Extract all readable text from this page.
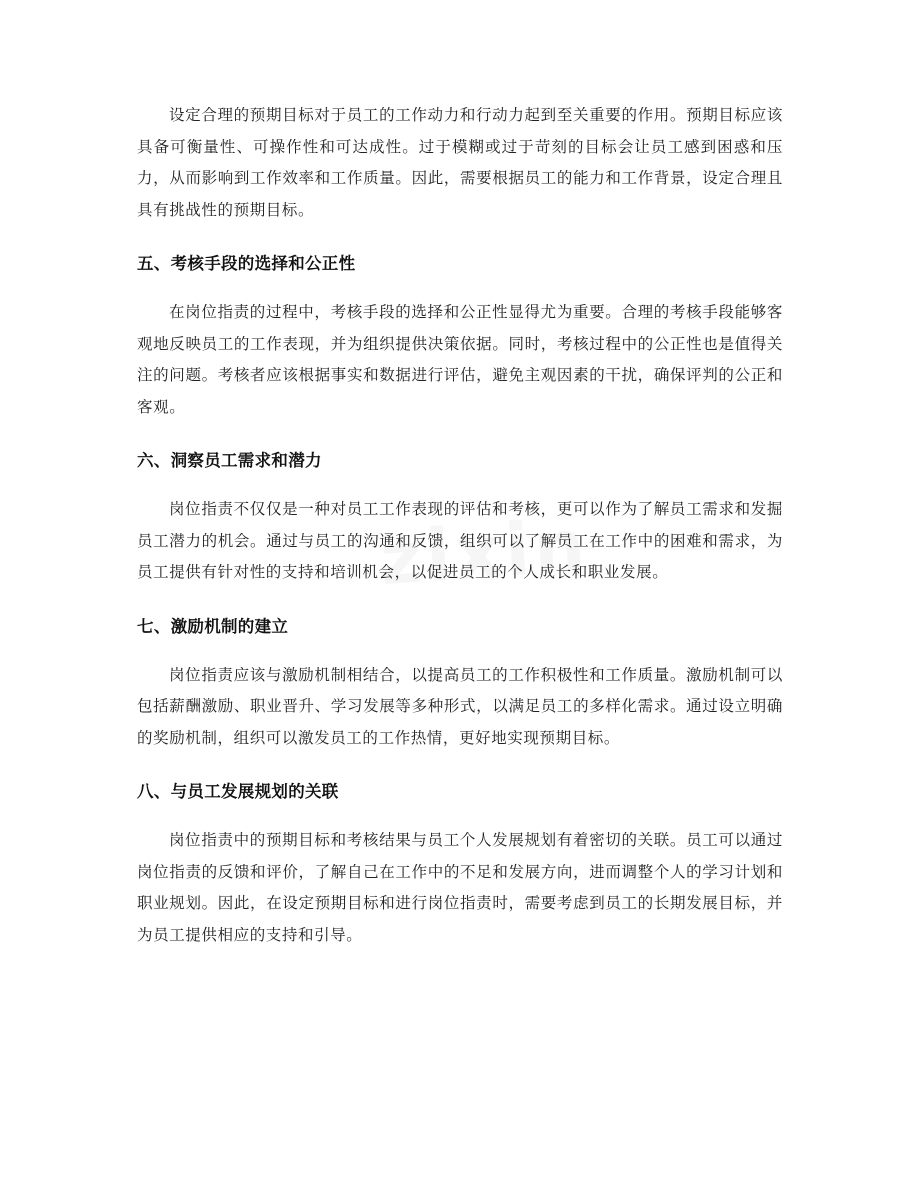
设定合理的预期目标对于员工的工作动力和行动力起到至关重要的作用。预期目标应该具备可衡量性、可操作性和可达成性。过于模糊或过于苛刻的目标会让员工感到困惑和压力，从而影响到工作效率和工作质量。因此，需要根据员工的能力和工作背景，设定合理且具有挑战性的预期目标。

五、考核手段的选择和公正性

在岗位指责的过程中，考核手段的选择和公正性显得尤为重要。合理的考核手段能够客观地反映员工的工作表现，并为组织提供决策依据。同时，考核过程中的公正性也是值得关注的问题。考核者应该根据事实和数据进行评估，避免主观因素的干扰，确保评判的公正和客观。

六、洞察员工需求和潜力

岗位指责不仅仅是一种对员工工作表现的评估和考核，更可以作为了解员工需求和发掘员工潜力的机会。通过与员工的沟通和反馈，组织可以了解员工在工作中的困难和需求，为员工提供有针对性的支持和培训机会，以促进员工的个人成长和职业发展。

七、激励机制的建立

岗位指责应该与激励机制相结合，以提高员工的工作积极性和工作质量。激励机制可以包括薪酬激励、职业晋升、学习发展等多种形式，以满足员工的多样化需求。通过设立明确的奖励机制，组织可以激发员工的工作热情，更好地实现预期目标。

八、与员工发展规划的关联

岗位指责中的预期目标和考核结果与员工个人发展规划有着密切的关联。员工可以通过岗位指责的反馈和评价，了解自己在工作中的不足和发展方向，进而调整个人的学习计划和职业规划。因此，在设定预期目标和进行岗位指责时，需要考虑到员工的长期发展目标，并为员工提供相应的支持和引导。
